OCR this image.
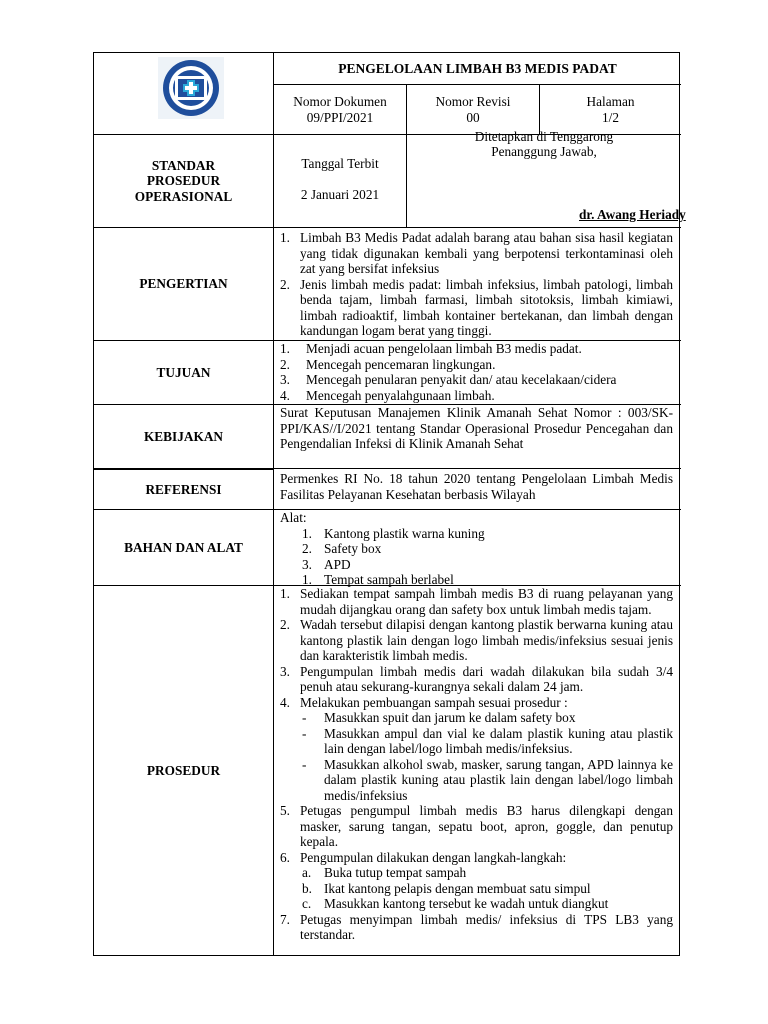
PENGELOLAAN LIMBAH B3 MEDIS PADAT
Nomor Dokumen
09/PPI/2021
Nomor Revisi
00
Halaman
1/2
STANDAR
PROSEDUR
OPERASIONAL
Tanggal Terbit
2 Januari 2021
Ditetapkan di Tenggarong
Penanggung Jawab,
dr. Awang Heriady
PENGERTIAN
1. Limbah B3 Medis Padat adalah barang atau bahan sisa hasil kegiatan yang tidak digunakan kembali yang berpotensi terkontaminasi oleh zat yang bersifat infeksius
2. Jenis limbah medis padat: limbah infeksius, limbah patologi, limbah benda tajam, limbah farmasi, limbah sitotoksis, limbah kimiawi, limbah radioaktif, limbah kontainer bertekanan, dan limbah dengan kandungan logam berat yang tinggi.
TUJUAN
1. Menjadi acuan pengelolaan limbah B3 medis padat.
2. Mencegah pencemaran lingkungan.
3. Mencegah penularan penyakit dan/ atau kecelakaan/cidera
4. Mencegah penyalahgunaan limbah.
KEBIJAKAN
Surat Keputusan Manajemen Klinik Amanah Sehat Nomor : 003/SK-PPI/KAS//I/2021 tentang Standar Operasional Prosedur Pencegahan dan Pengendalian Infeksi di Klinik Amanah Sehat
REFERENSI
Permenkes RI No. 18 tahun 2020 tentang Pengelolaan Limbah Medis Fasilitas Pelayanan Kesehatan berbasis Wilayah
BAHAN DAN ALAT
Alat:
1. Kantong plastik warna kuning
2. Safety box
3. APD
1. Tempat sampah berlabel
PROSEDUR
1. Sediakan tempat sampah limbah medis B3 di ruang pelayanan yang mudah dijangkau orang dan safety box untuk limbah medis tajam.
2. Wadah tersebut dilapisi dengan kantong plastik berwarna kuning atau kantong plastik lain dengan logo limbah medis/infeksius sesuai jenis dan karakteristik limbah medis.
3. Pengumpulan limbah medis dari wadah dilakukan bila sudah 3/4 penuh atau sekurang-kurangnya sekali dalam 24 jam.
4. Melakukan pembuangan sampah sesuai prosedur :
- Masukkan spuit dan jarum ke dalam safety box
- Masukkan ampul dan vial ke dalam plastik kuning atau plastik lain dengan label/logo limbah medis/infeksius.
- Masukkan alkohol swab, masker, sarung tangan, APD lainnya ke dalam plastik kuning atau plastik lain dengan label/logo limbah medis/infeksius
5. Petugas pengumpul limbah medis B3 harus dilengkapi dengan masker, sarung tangan, sepatu boot, apron, goggle, dan penutup kepala.
6. Pengumpulan dilakukan dengan langkah-langkah:
a. Buka tutup tempat sampah
b. Ikat kantong pelapis dengan membuat satu simpul
c. Masukkan kantong tersebut ke wadah untuk diangkut
7. Petugas menyimpan limbah medis/ infeksius di TPS LB3 yang terstandar.
